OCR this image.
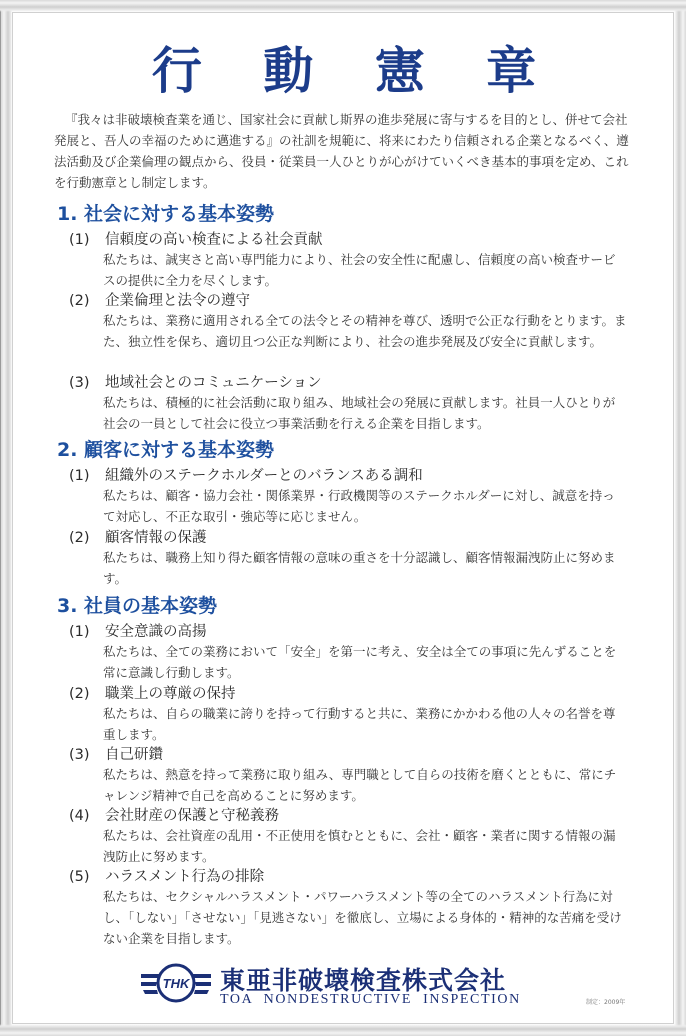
行 動 憲 章
『我々は非破壊検査業を通じ、国家社会に貢献し斯界の進歩発展に寄与するを目的とし、併せて会社発展と、吾人の幸福のために邁進する』の社訓を規範に、将来にわたり信頼される企業となるべく、遵法活動及び企業倫理の観点から、役員・従業員一人ひとりが心がけていくべき基本的事項を定め、これを行動憲章とし制定します。
1. 社会に対する基本姿勢
(1) 信頼度の高い検査による社会貢献
私たちは、誠実さと高い専門能力により、社会の安全性に配慮し、信頼度の高い検査サービスの提供に全力を尽くします。
(2) 企業倫理と法令の遵守
私たちは、業務に適用される全ての法令とその精神を尊び、透明で公正な行動をとります。また、独立性を保ち、適切且つ公正な判断により、社会の進歩発展及び安全に貢献します。
(3) 地域社会とのコミュニケーション
私たちは、積極的に社会活動に取り組み、地域社会の発展に貢献します。社員一人ひとりが社会の一員として社会に役立つ事業活動を行える企業を目指します。
2. 顧客に対する基本姿勢
(1) 組織外のステークホルダーとのバランスある調和
私たちは、顧客・協力会社・関係業界・行政機関等のステークホルダーに対し、誠意を持って対応し、不正な取引・強応等に応じません。
(2) 顧客情報の保護
私たちは、職務上知り得た顧客情報の意味の重さを十分認識し、顧客情報漏洩防止に努めます。
3. 社員の基本姿勢
(1) 安全意識の高揚
私たちは、全ての業務において「安全」を第一に考え、安全は全ての事項に先んずることを常に意識し行動します。
(2) 職業上の尊厳の保持
私たちは、自らの職業に誇りを持って行動すると共に、業務にかかわる他の人々の名誉を尊重します。
(3) 自己研鑽
私たちは、熱意を持って業務に取り組み、専門職として自らの技術を磨くとともに、常にチャレンジ精神で自己を高めることに努めます。
(4) 会社財産の保護と守秘義務
私たちは、会社資産の乱用・不正使用を慎むとともに、会社・顧客・業者に関する情報の漏洩防止に努めます。
(5) ハラスメント行為の排除
私たちは、セクシャルハラスメント・パワーハラスメント等の全てのハラスメント行為に対し、「しない」「させない」「見逃さない」を徹底し、立場による身体的・精神的な苦痛を受けない企業を目指します。
THK 東亜非破壊検査株式会社
TOA NONDESTRUCTIVE INSPECTION	制定：2009年
